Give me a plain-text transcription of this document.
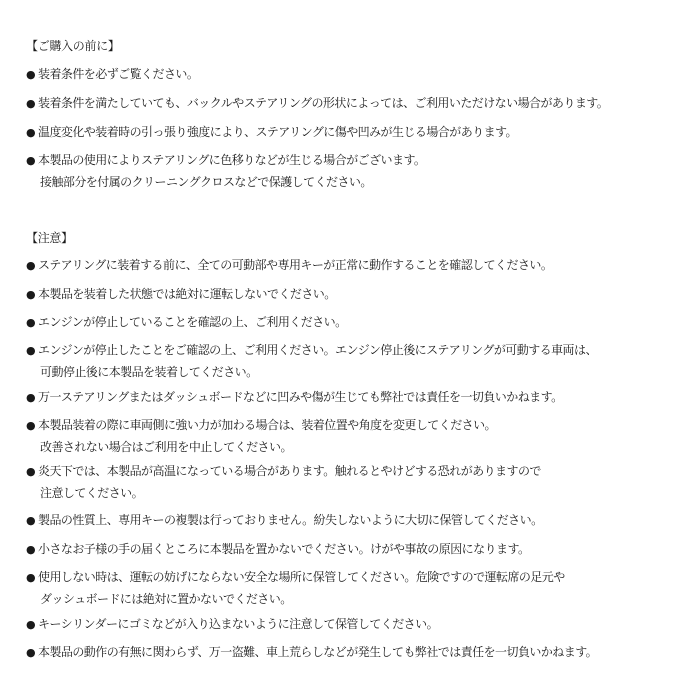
【ご購入の前に】
● 装着条件を必ずご覧ください。
● 装着条件を満たしていても、バックルやステアリングの形状によっては、ご利用いただけない場合があります。
● 温度変化や装着時の引っ張り強度により、ステアリングに傷や凹みが生じる場合があります。
● 本製品の使用によりステアリングに色移りなどが生じる場合がございます。
接触部分を付属のクリーニングクロスなどで保護してください。
【注意】
● ステアリングに装着する前に、全ての可動部や専用キーが正常に動作することを確認してください。
● 本製品を装着した状態では絶対に運転しないでください。
● エンジンが停止していることを確認の上、ご利用ください。
● エンジンが停止したことをご確認の上、ご利用ください。エンジン停止後にステアリングが可動する車両は、
可動停止後に本製品を装着してください。
● 万一ステアリングまたはダッシュボードなどに凹みや傷が生じても弊社では責任を一切負いかねます。
● 本製品装着の際に車両側に強い力が加わる場合は、装着位置や角度を変更してください。
改善されない場合はご利用を中止してください。
● 炎天下では、本製品が高温になっている場合があります。触れるとやけどする恐れがありますので
注意してください。
● 製品の性質上、専用キーの複製は行っておりません。紛失しないように大切に保管してください。
● 小さなお子様の手の届くところに本製品を置かないでください。けがや事故の原因になります。
● 使用しない時は、運転の妨げにならない安全な場所に保管してください。危険ですので運転席の足元や
ダッシュボードには絶対に置かないでください。
● キーシリンダーにゴミなどが入り込まないように注意して保管してください。
● 本製品の動作の有無に関わらず、万一盗難、車上荒らしなどが発生しても弊社では責任を一切負いかねます。
